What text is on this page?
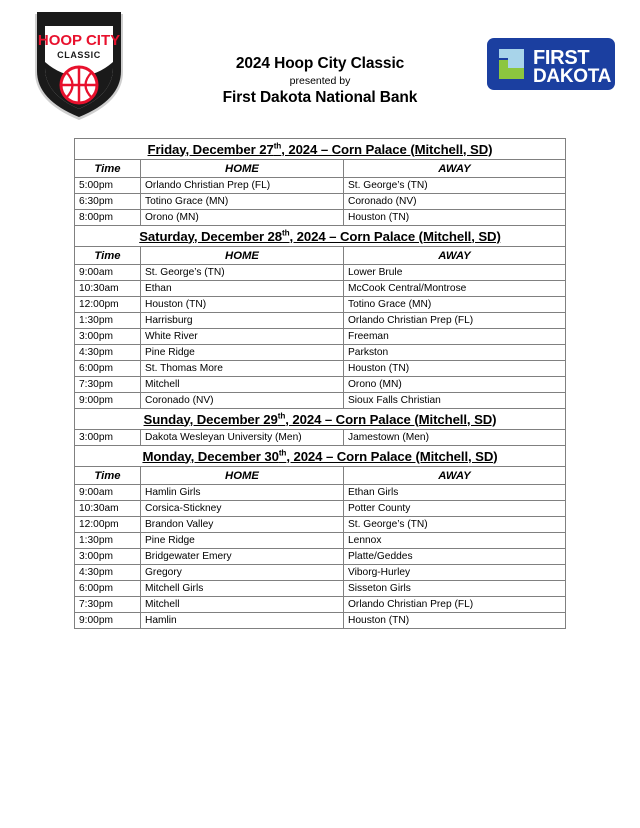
HOOP CITY
CLASSIC	2024 Hoop City Classic
presented by
First Dakota National Bank
FIRST
DAKOTA
Friday, December 27th, 2024 – Corn Palace (Mitchell, SD)		
Time	HOME	AWAY
5:00pm	Orlando Christian Prep (FL)	St. George’s (TN)
6:30pm	Totino Grace (MN)	Coronado (NV)
8:00pm	Orono (MN)	Houston (TN)
Saturday, December 28th, 2024 – Corn Palace (Mitchell, SD)		
Time	HOME	AWAY
9:00am	St. George’s (TN)	Lower Brule
10:30am	Ethan	McCook Central/Montrose
12:00pm	Houston (TN)	Totino Grace (MN)
1:30pm	Harrisburg	Orlando Christian Prep (FL)
3:00pm	White River	Freeman
4:30pm	Pine Ridge	Parkston
6:00pm	St. Thomas More	Houston (TN)
7:30pm	Mitchell	Orono (MN)
9:00pm	Coronado (NV)	Sioux Falls Christian
Sunday, December 29th, 2024 – Corn Palace (Mitchell, SD)		
3:00pm	Dakota Wesleyan University (Men)	Jamestown (Men)
Monday, December 30th, 2024 – Corn Palace (Mitchell, SD)		
Time	HOME	AWAY
9:00am	Hamlin Girls	Ethan Girls
10:30am	Corsica-Stickney	Potter County
12:00pm	Brandon Valley	St. George’s (TN)
1:30pm	Pine Ridge	Lennox
3:00pm	Bridgewater Emery	Platte/Geddes
4:30pm	Gregory	Viborg-Hurley
6:00pm	Mitchell Girls	Sisseton Girls
7:30pm	Mitchell	Orlando Christian Prep (FL)
9:00pm	Hamlin	Houston (TN)
